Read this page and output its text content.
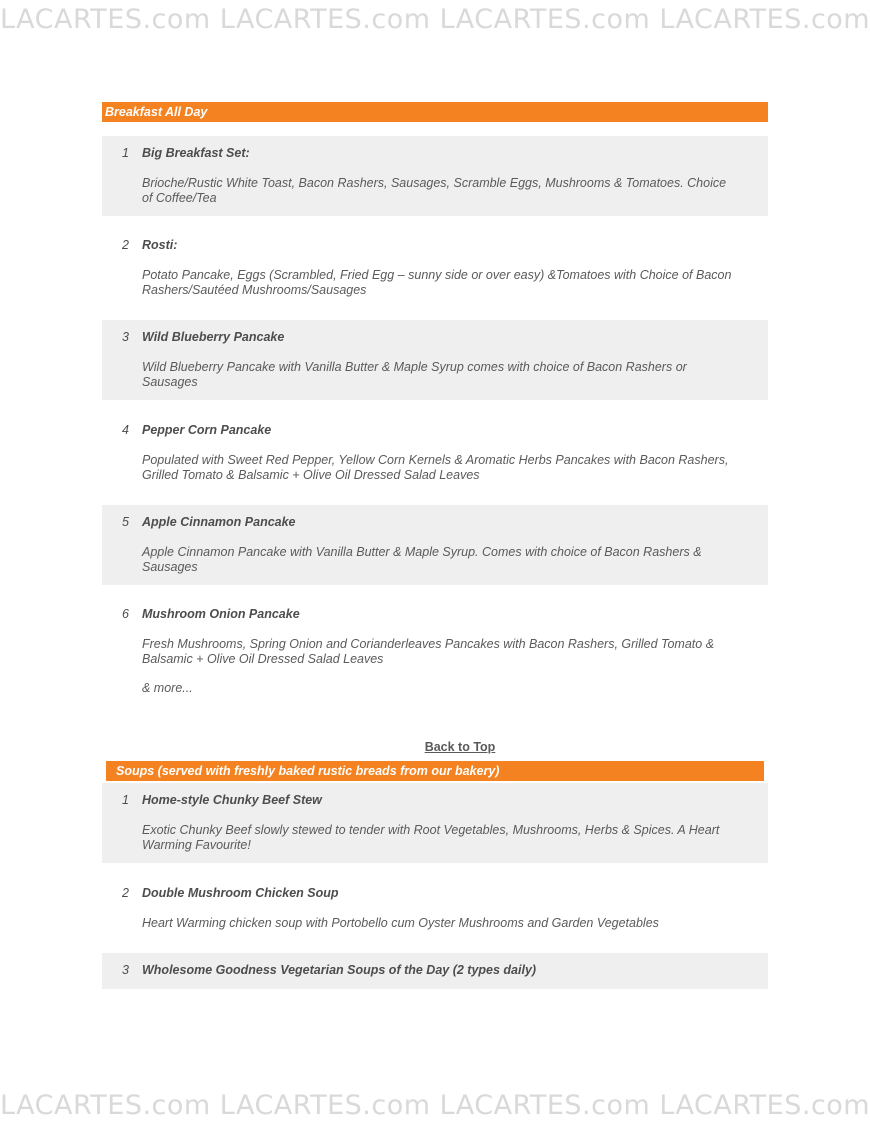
LACARTES.com LACARTES.com LACARTES.com LACARTES.com
Breakfast All Day
1 Big Breakfast Set:
Brioche/Rustic White Toast, Bacon Rashers, Sausages, Scramble Eggs, Mushrooms & Tomatoes. Choice of Coffee/Tea
2 Rosti:
Potato Pancake, Eggs (Scrambled, Fried Egg – sunny side or over easy) &Tomatoes with Choice of Bacon Rashers/Sautéed Mushrooms/Sausages
3 Wild Blueberry Pancake
Wild Blueberry Pancake with Vanilla Butter & Maple Syrup comes with choice of Bacon Rashers or Sausages
4 Pepper Corn Pancake
Populated with Sweet Red Pepper, Yellow Corn Kernels & Aromatic Herbs Pancakes with Bacon Rashers, Grilled Tomato & Balsamic + Olive Oil Dressed Salad Leaves
5 Apple Cinnamon Pancake
Apple Cinnamon Pancake with Vanilla Butter & Maple Syrup. Comes with choice of Bacon Rashers & Sausages
6 Mushroom Onion Pancake
Fresh Mushrooms, Spring Onion and Corianderleaves Pancakes with Bacon Rashers, Grilled Tomato & Balsamic + Olive Oil Dressed Salad Leaves
& more...
Back to Top
Soups (served with freshly baked rustic breads from our bakery)
1 Home-style Chunky Beef Stew
Exotic Chunky Beef slowly stewed to tender with Root Vegetables, Mushrooms, Herbs & Spices. A Heart Warming Favourite!
2 Double Mushroom Chicken Soup
Heart Warming chicken soup with Portobello cum Oyster Mushrooms and Garden Vegetables
3 Wholesome Goodness Vegetarian Soups of the Day (2 types daily)
LACARTES.com LACARTES.com LACARTES.com LACARTES.com
